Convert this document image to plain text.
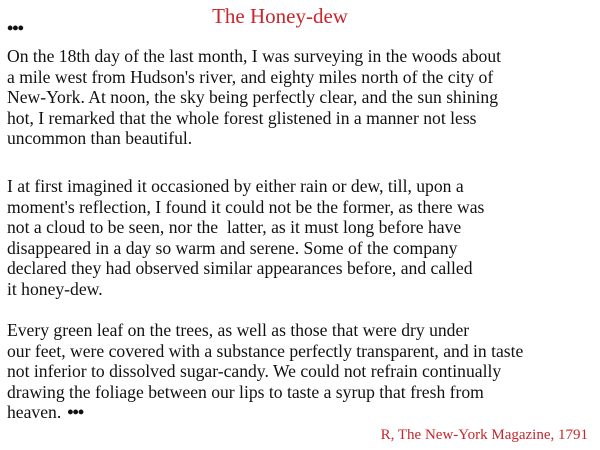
The Honey-dew
•••

On the 18th day of the last month, I was surveying in the woods about
a mile west from Hudson's river, and eighty miles north of the city of
New-York. At noon, the sky being perfectly clear, and the sun shining
hot, I remarked that the whole forest glistened in a manner not less
uncommon than beautiful.

I at first imagined it occasioned by either rain or dew, till, upon a
moment's reflection, I found it could not be the former, as there was
not a cloud to be seen, nor the  latter, as it must long before have
disappeared in a day so warm and serene. Some of the company
declared they had observed similar appearances before, and called
it honey-dew.

Every green leaf on the trees, as well as those that were dry under
our feet, were covered with a substance perfectly transparent, and in taste
not inferior to dissolved sugar-candy. We could not refrain continually
drawing the foliage between our lips to taste a syrup that fresh from
heaven. •••

R, The New-York Magazine, 1791
